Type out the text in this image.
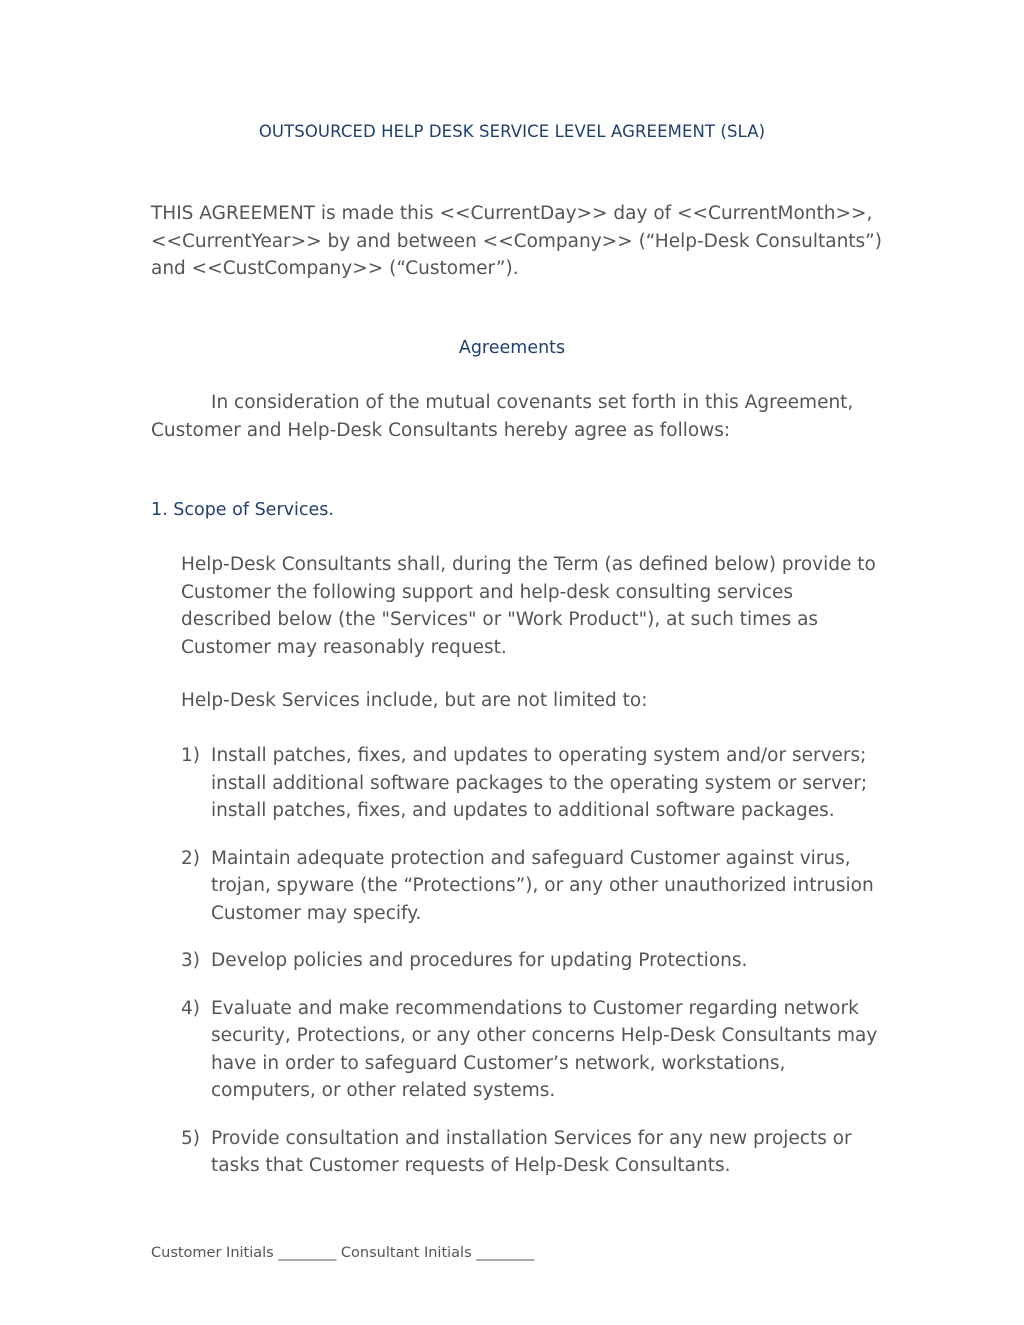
OUTSOURCED HELP DESK SERVICE LEVEL AGREEMENT (SLA)
THIS AGREEMENT is made this <<CurrentDay>> day of <<CurrentMonth>>, <<CurrentYear>> by and between <<Company>> (“Help-Desk Consultants”) and <<CustCompany>> (“Customer”).
Agreements
In consideration of the mutual covenants set forth in this Agreement, Customer and Help-Desk Consultants hereby agree as follows:
1. Scope of Services.
Help-Desk Consultants shall, during the Term (as defined below) provide to Customer the following support and help-desk consulting services described below (the "Services" or "Work Product"), at such times as Customer may reasonably request.
Help-Desk Services include, but are not limited to:
1) Install patches, fixes, and updates to operating system and/or servers; install additional software packages to the operating system or server; install patches, fixes, and updates to additional software packages.
2) Maintain adequate protection and safeguard Customer against virus, trojan, spyware (the “Protections”), or any other unauthorized intrusion Customer may specify.
3) Develop policies and procedures for updating Protections.
4) Evaluate and make recommendations to Customer regarding network security, Protections, or any other concerns Help-Desk Consultants may have in order to safeguard Customer’s network, workstations, computers, or other related systems.
5) Provide consultation and installation Services for any new projects or tasks that Customer requests of Help-Desk Consultants.
Customer Initials ________ Consultant Initials ________
